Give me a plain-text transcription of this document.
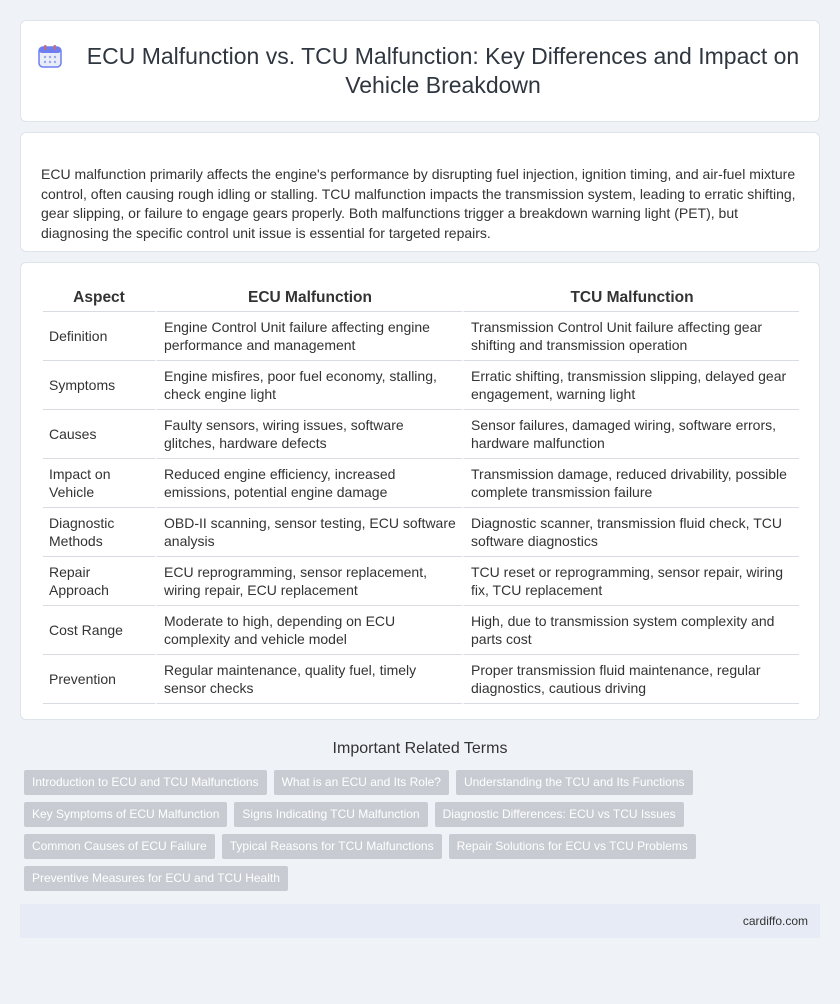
ECU Malfunction vs. TCU Malfunction: Key Differences and Impact on Vehicle Breakdown

ECU malfunction primarily affects the engine's performance by disrupting fuel injection, ignition timing, and air-fuel mixture control, often causing rough idling or stalling. TCU malfunction impacts the transmission system, leading to erratic shifting, gear slipping, or failure to engage gears properly. Both malfunctions trigger a breakdown warning light (PET), but diagnosing the specific control unit issue is essential for targeted repairs.

Aspect	ECU Malfunction	TCU Malfunction
Definition	Engine Control Unit failure affecting engine performance and management	Transmission Control Unit failure affecting gear shifting and transmission operation
Symptoms	Engine misfires, poor fuel economy, stalling, check engine light	Erratic shifting, transmission slipping, delayed gear engagement, warning light
Causes	Faulty sensors, wiring issues, software glitches, hardware defects	Sensor failures, damaged wiring, software errors, hardware malfunction
Impact on Vehicle	Reduced engine efficiency, increased emissions, potential engine damage	Transmission damage, reduced drivability, possible complete transmission failure
Diagnostic Methods	OBD-II scanning, sensor testing, ECU software analysis	Diagnostic scanner, transmission fluid check, TCU software diagnostics
Repair Approach	ECU reprogramming, sensor replacement, wiring repair, ECU replacement	TCU reset or reprogramming, sensor repair, wiring fix, TCU replacement
Cost Range	Moderate to high, depending on ECU complexity and vehicle model	High, due to transmission system complexity and parts cost
Prevention	Regular maintenance, quality fuel, timely sensor checks	Proper transmission fluid maintenance, regular diagnostics, cautious driving
Important Related Terms
Introduction to ECU and TCU Malfunctions	What is an ECU and Its Role?	Understanding the TCU and Its Functions
Key Symptoms of ECU Malfunction	Signs Indicating TCU Malfunction	Diagnostic Differences: ECU vs TCU Issues
Common Causes of ECU Failure	Typical Reasons for TCU Malfunctions	Repair Solutions for ECU vs TCU Problems
Preventive Measures for ECU and TCU Health
cardiffo.com
